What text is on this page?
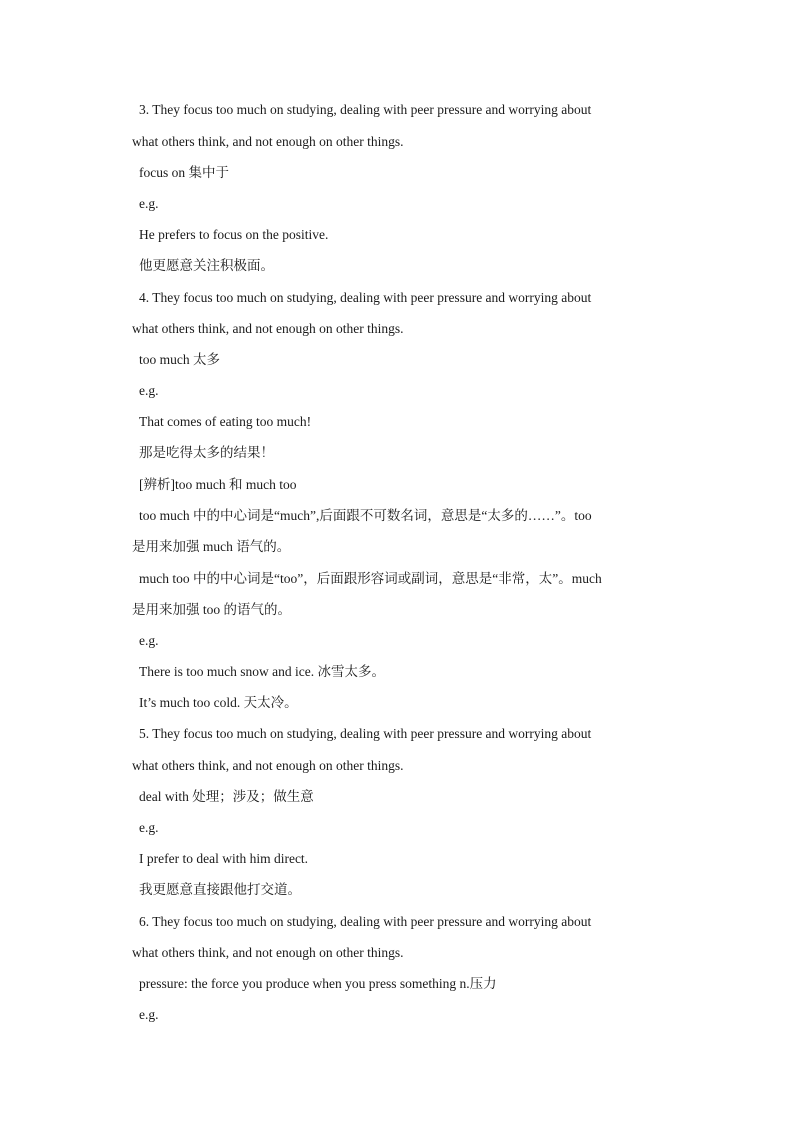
3. They focus too much on studying, dealing with peer pressure and worrying about
what others think, and not enough on other things.
focus on 集中于
e.g.
He prefers to focus on the positive.
他更愿意关注积极面。
4. They focus too much on studying, dealing with peer pressure and worrying about
what others think, and not enough on other things.
too much 太多
e.g.
That comes of eating too much!
那是吃得太多的结果！
[辨析]too much 和 much too
too much 中的中心词是“much”,后面跟不可数名词，意思是“太多的……”。too
是用来加强 much 语气的。
much too 中的中心词是“too”，后面跟形容词或副词，意思是“非常，太”。much
是用来加强 too 的语气的。
e.g.
There is too much snow and ice. 冰雪太多。
It’s much too cold. 天太冷。
5. They focus too much on studying, dealing with peer pressure and worrying about
what others think, and not enough on other things.
deal with 处理；涉及；做生意
e.g.
I prefer to deal with him direct.
我更愿意直接跟他打交道。
6. They focus too much on studying, dealing with peer pressure and worrying about
what others think, and not enough on other things.
pressure: the force you produce when you press something n.压力
e.g.
